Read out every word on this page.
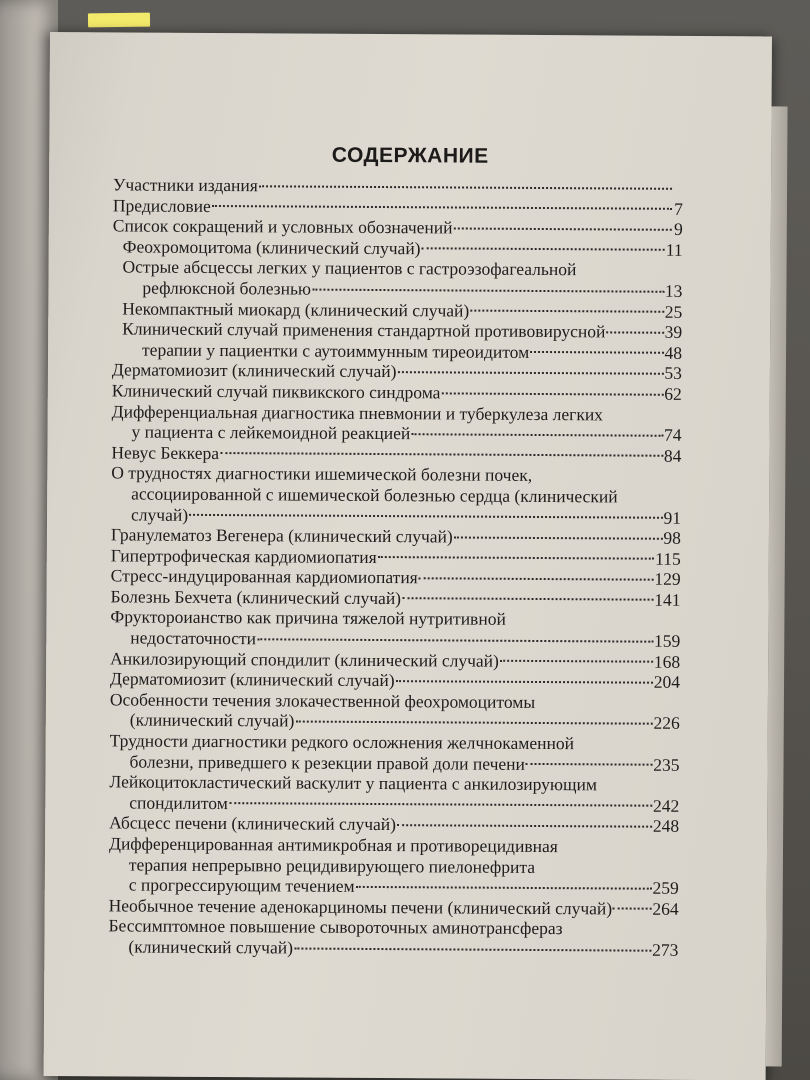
СОДЕРЖАНИЕ
Участники издания
Предисловие	7
Список сокращений и условных обозначений	9
Феохромоцитома (клинический случай)	11
Острые абсцессы легких у пациентов с гастроэзофагеальной
рефлюксной болезнью	13
Некомпактный миокард (клинический случай)	25
Клинический случай применения стандартной противовирусной	39
терапии у пациентки с аутоиммунным тиреоидитом	48
Дерматомиозит (клинический случай)	53
Клинический случай пиквикского синдрома	62
Дифференциальная диагностика пневмонии и туберкулеза легких
у пациента с лейкемоидной реакцией	74
Невус Беккера	84
О трудностях диагностики ишемической болезни почек,
ассоциированной с ишемической болезнью сердца (клинический
случай)	91
Гранулематоз Вегенера (клинический случай)	98
Гипертрофическая кардиомиопатия	115
Стресс-индуцированная кардиомиопатия	129
Болезнь Бехчета (клинический случай)	141
Фруктороианство как причина тяжелой нутритивной
недостаточности	159
Анкилозирующий спондилит (клинический случай)	168
Дерматомиозит (клинический случай)	204
Особенности течения злокачественной феохромоцитомы
(клинический случай)	226
Трудности диагностики редкого осложнения желчнокаменной
болезни, приведшего к резекции правой доли печени	235
Лейкоцитокластический васкулит у пациента с анкилозирующим
спондилитом	242
Абсцесс печени (клинический случай)	248
Дифференцированная антимикробная и противорецидивная
терапия непрерывно рецидивирующего пиелонефрита
с прогрессирующим течением	259
Необычное течение аденокарциномы печени (клинический случай) 264
Бессимптомное повышение сывороточных аминотрансфераз
(клинический случай)	273
